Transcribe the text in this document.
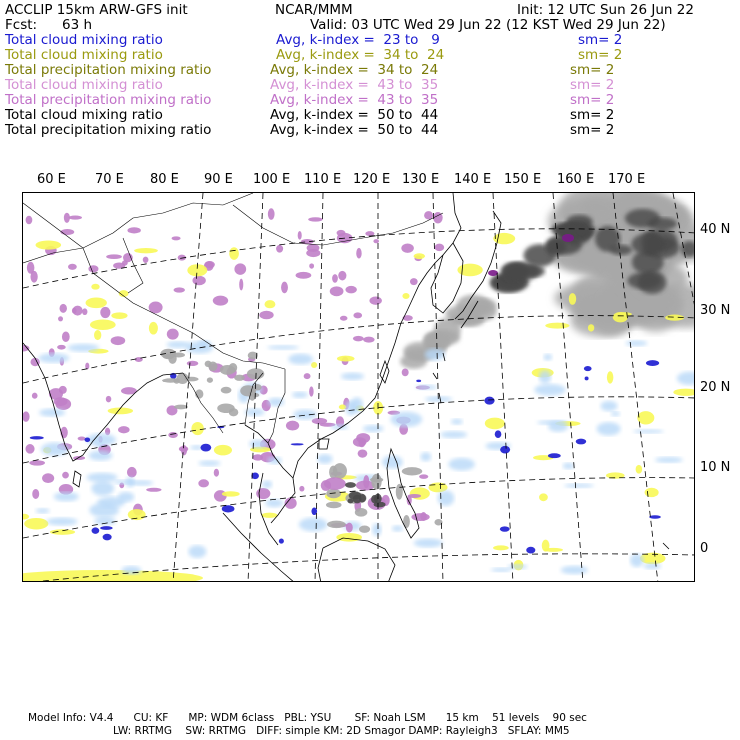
ACCLIP 15km ARW-GFS init	NCAR/MMM	Init: 12 UTC Sun 26 Jun 22
Fcst: 63 h	Valid: 03 UTC Wed 29 Jun 22 (12 KST Wed 29 Jun 22)
Total cloud mixing ratio	Avg, k-index =  23 to   9	sm= 2
Total cloud mixing ratio	Avg, k-index =  34 to  24	sm= 2
Total precipitation mixing ratio	Avg, k-index =  34 to  24	sm= 2
Total cloud mixing ratio	Avg, k-index =  43 to  35	sm= 2
Total precipitation mixing ratio	Avg, k-index =  43 to  35	sm= 2
Total cloud mixing ratio	Avg, k-index =  50 to  44	sm= 2
Total precipitation mixing ratio	Avg, k-index =  50 to  44	sm= 2
60 E 70 E 80 E 90 E 100 E 110 E 120 E 130 E 140 E 150 E 160 E 170 E
40 N
30 N
20 N
10 N
0
Model Info: V4.4      CU: KF      MP: WDM 6class   PBL: YSU       SF: Noah LSM      15 km    51 levels    90 sec
LW: RRTMG    SW: RRTMG   DIFF: simple KM: 2D Smagor DAMP: Rayleigh3   SFLAY: MM5
